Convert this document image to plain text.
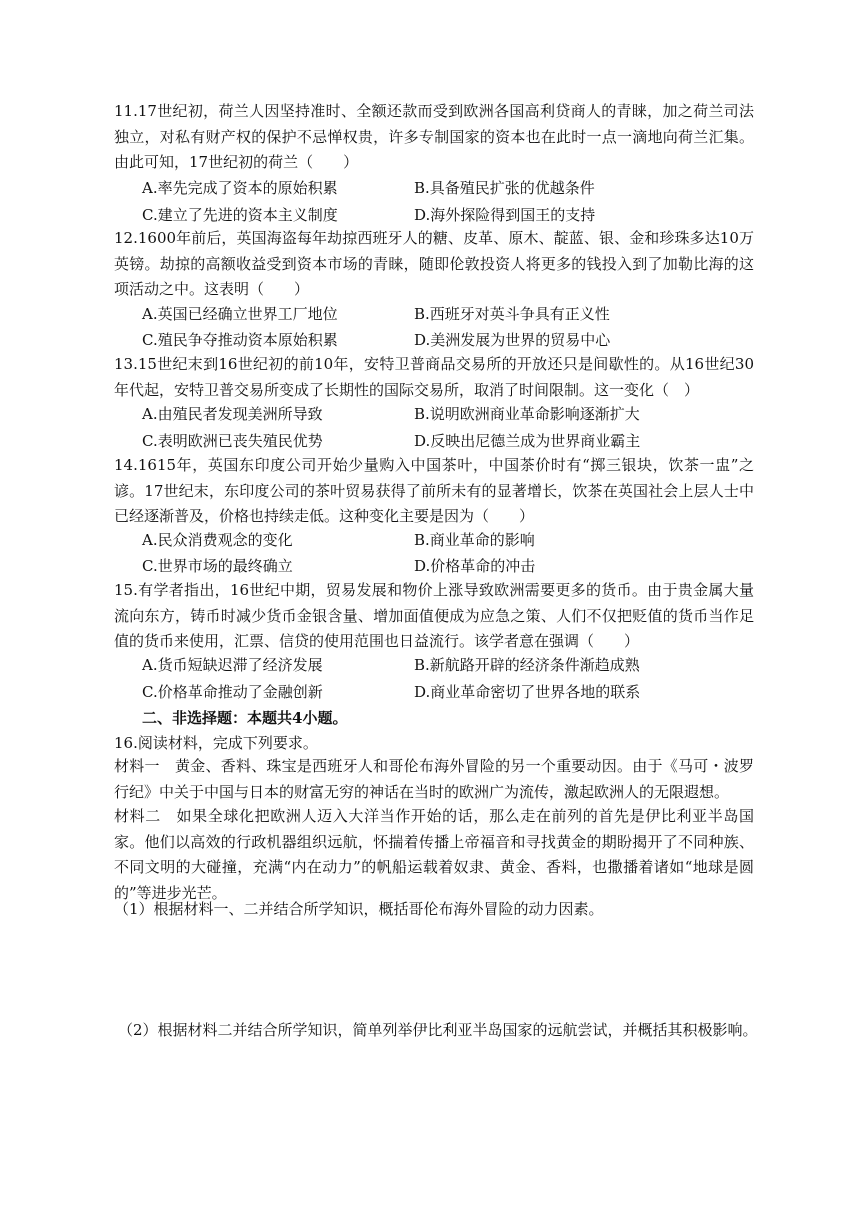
11.17世纪初，荷兰人因坚持准时、全额还款而受到欧洲各国高利贷商人的青睐，加之荷兰司法独立，对私有财产权的保护不忌惮权贵，许多专制国家的资本也在此时一点一滴地向荷兰汇集。由此可知，17世纪初的荷兰（　　）

A.率先完成了资本的原始积累	B.具备殖民扩张的优越条件
C.建立了先进的资本主义制度	D.海外探险得到国王的支持

12.1600年前后，英国海盗每年劫掠西班牙人的糖、皮革、原木、靛蓝、银、金和珍珠多达10万英镑。劫掠的高额收益受到资本市场的青睐，随即伦敦投资人将更多的钱投入到了加勒比海的这项活动之中。这表明（　　）

A.英国已经确立世界工厂地位	B.西班牙对英斗争具有正义性
C.殖民争夺推动资本原始积累	D.美洲发展为世界的贸易中心

13.15世纪末到16世纪初的前10年，安特卫普商品交易所的开放还只是间歇性的。从16世纪30年代起，安特卫普交易所变成了长期性的国际交易所，取消了时间限制。这一变化（　）

A.由殖民者发现美洲所导致	B.说明欧洲商业革命影响逐渐扩大
C.表明欧洲已丧失殖民优势	D.反映出尼德兰成为世界商业霸主

14.1615年，英国东印度公司开始少量购入中国茶叶，中国茶价时有“掷三银块，饮茶一盅”之谚。17世纪末，东印度公司的茶叶贸易获得了前所未有的显著增长，饮茶在英国社会上层人士中已经逐渐普及，价格也持续走低。这种变化主要是因为（　　）

A.民众消费观念的变化	B.商业革命的影响
C.世界市场的最终确立	D.价格革命的冲击

15.有学者指出，16世纪中期，贸易发展和物价上涨导致欧洲需要更多的货币。由于贵金属大量流向东方，铸币时减少货币金银含量、增加面值便成为应急之策、人们不仅把贬值的货币当作足值的货币来使用，汇票、信贷的使用范围也日益流行。该学者意在强调（　　）

A.货币短缺迟滞了经济发展	B.新航路开辟的经济条件渐趋成熟
C.价格革命推动了金融创新	D.商业革命密切了世界各地的联系
二、非选择题：本题共4小题。
16.阅读材料，完成下列要求。

材料一　黄金、香料、珠宝是西班牙人和哥伦布海外冒险的另一个重要动因。由于《马可・波罗行纪》中关于中国与日本的财富无穷的神话在当时的欧洲广为流传，激起欧洲人的无限遐想。

材料二　如果全球化把欧洲人迈入大洋当作开始的话，那么走在前列的首先是伊比利亚半岛国家。他们以高效的行政机器组织远航，怀揣着传播上帝福音和寻找黄金的期盼揭开了不同种族、不同文明的大碰撞，充满“内在动力”的帆船运载着奴隶、黄金、香料，也撒播着诸如“地球是圆的”等进步光芒。

（1）根据材料一、二并结合所学知识，概括哥伦布海外冒险的动力因素。
（2）根据材料二并结合所学知识，简单列举伊比利亚半岛国家的远航尝试，并概括其积极影响。
